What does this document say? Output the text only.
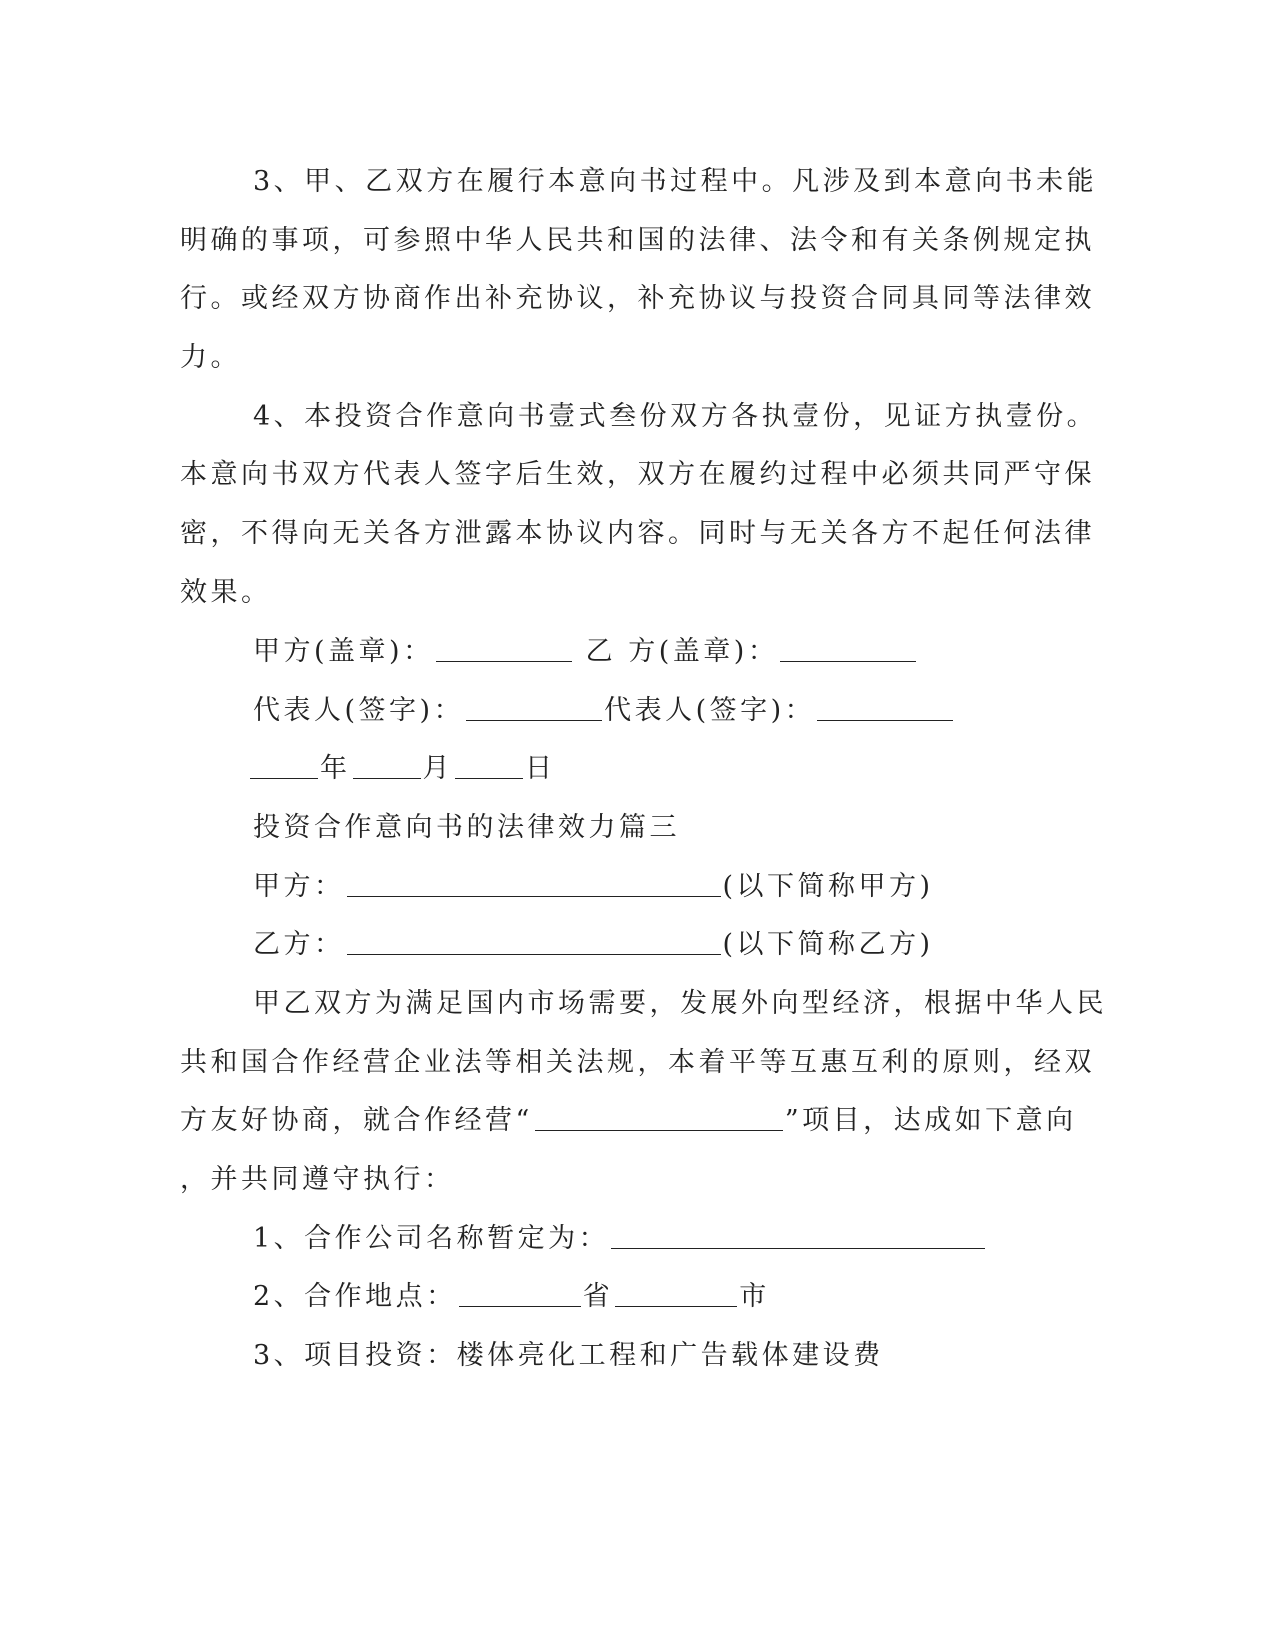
3、甲、乙双方在履行本意向书过程中。凡涉及到本意向书未能
明确的事项，可参照中华人民共和国的法律、法令和有关条例规定执
行。或经双方协商作出补充协议，补充协议与投资合同具同等法律效
力。
4、本投资合作意向书壹式叁份双方各执壹份，见证方执壹份。
本意向书双方代表人签字后生效，双方在履约过程中必须共同严守保
密，不得向无关各方泄露本协议内容。同时与无关各方不起任何法律
效果。
甲方(盖章)：	乙 方(盖章)：
代表人(签字)：	代表人(签字)：
年	月	日
投资合作意向书的法律效力篇三
甲方：	(以下简称甲方)
乙方：	(以下简称乙方)
甲乙双方为满足国内市场需要，发展外向型经济，根据中华人民
共和国合作经营企业法等相关法规，本着平等互惠互利的原则，经双
方友好协商，就合作经营“	”项目，达成如下意向
，并共同遵守执行：
1、合作公司名称暂定为：
2、合作地点：	省	市
3、项目投资：楼体亮化工程和广告载体建设费
